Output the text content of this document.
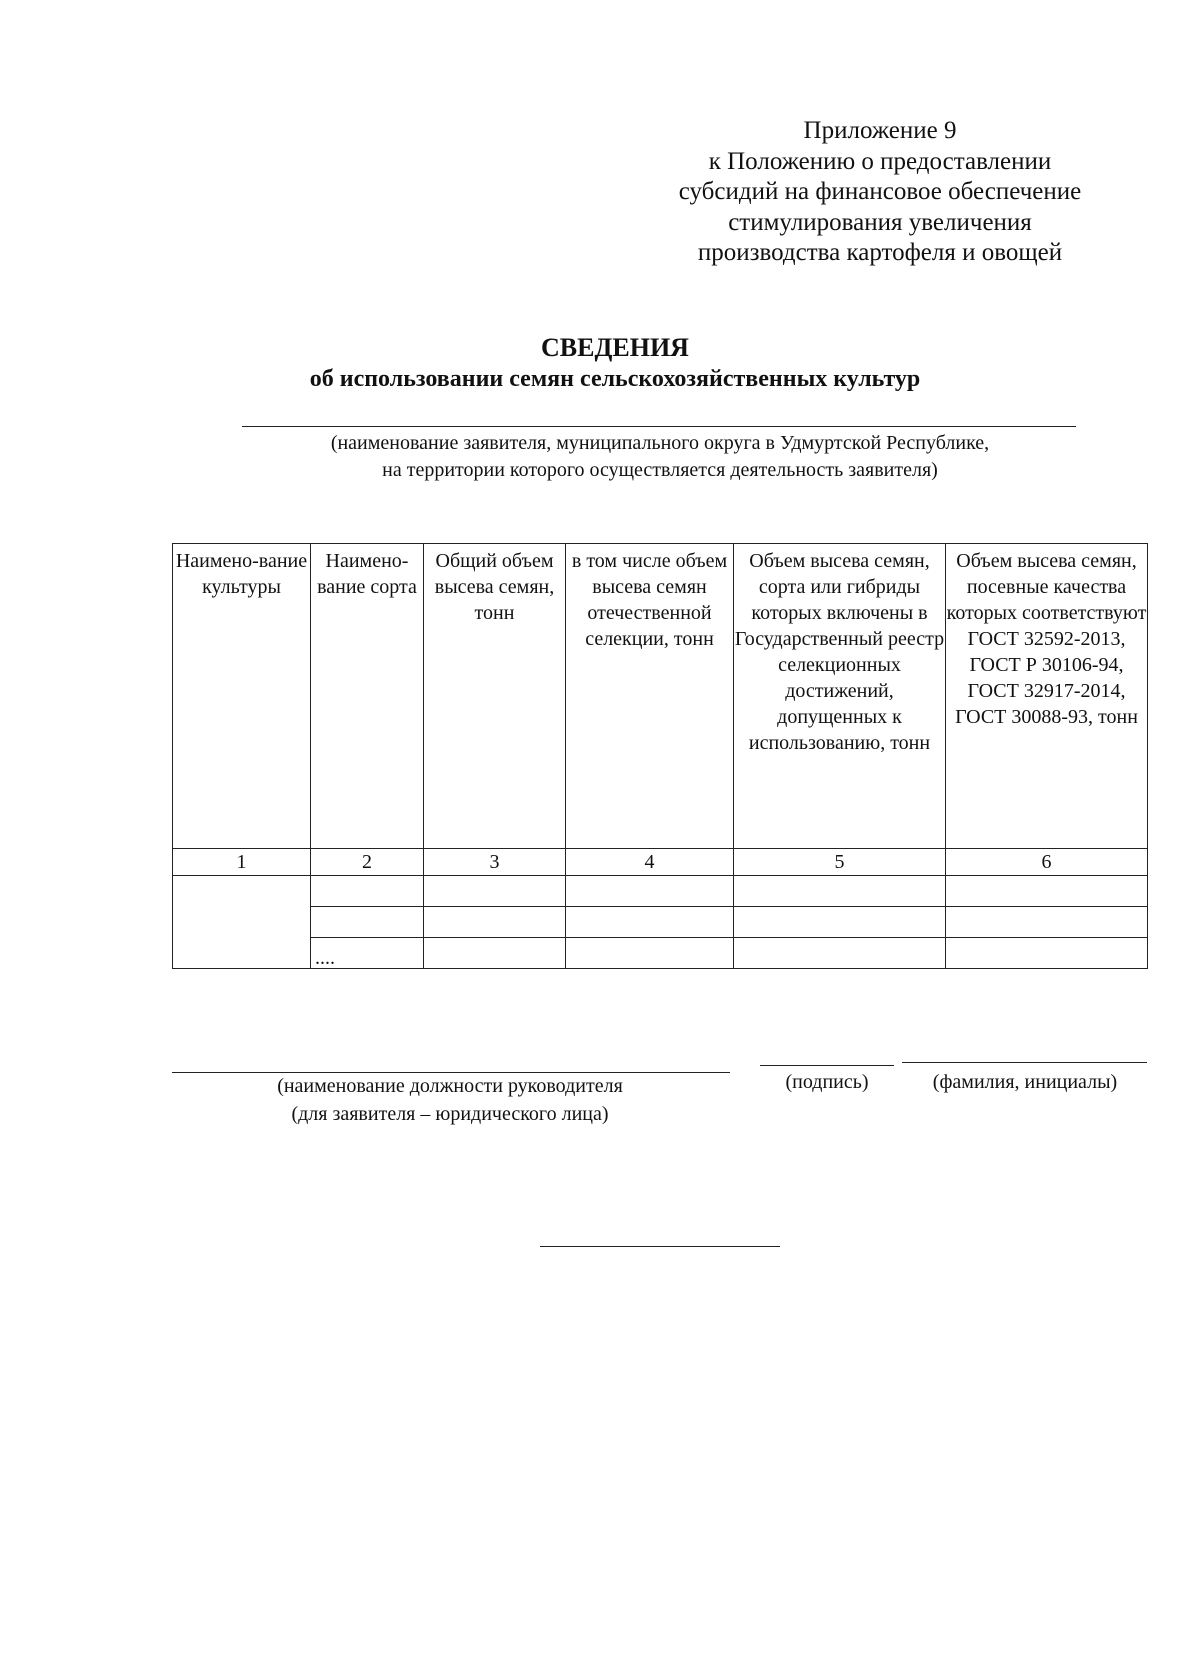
Приложение 9
к Положению о предоставлении
субсидий на финансовое обеспечение
стимулирования увеличения
производства картофеля и овощей
СВЕДЕНИЯ
об использовании семян сельскохозяйственных культур
(наименование заявителя, муниципального округа в Удмуртской Республике,
на территории которого осуществляется деятельность заявителя)
Наимено-вание культуры	Наимено-вание сорта	Общий объем высева семян, тонн	в том числе объем высева семян отечественной селекции, тонн	Объем высева семян, сорта или гибриды которых включены в Государственный реестр селекционных достижений, допущенных к использованию, тонн	Объем высева семян, посевные качества которых соответствуют ГОСТ 32592-2013, ГОСТ Р 30106-94, ГОСТ 32917-2014, ГОСТ 30088-93, тонн
1	2	3	4	5	6

	....				
(наименование должности руководителя
(для заявителя – юридического лица)
(подпись)	(фамилия, инициалы)
